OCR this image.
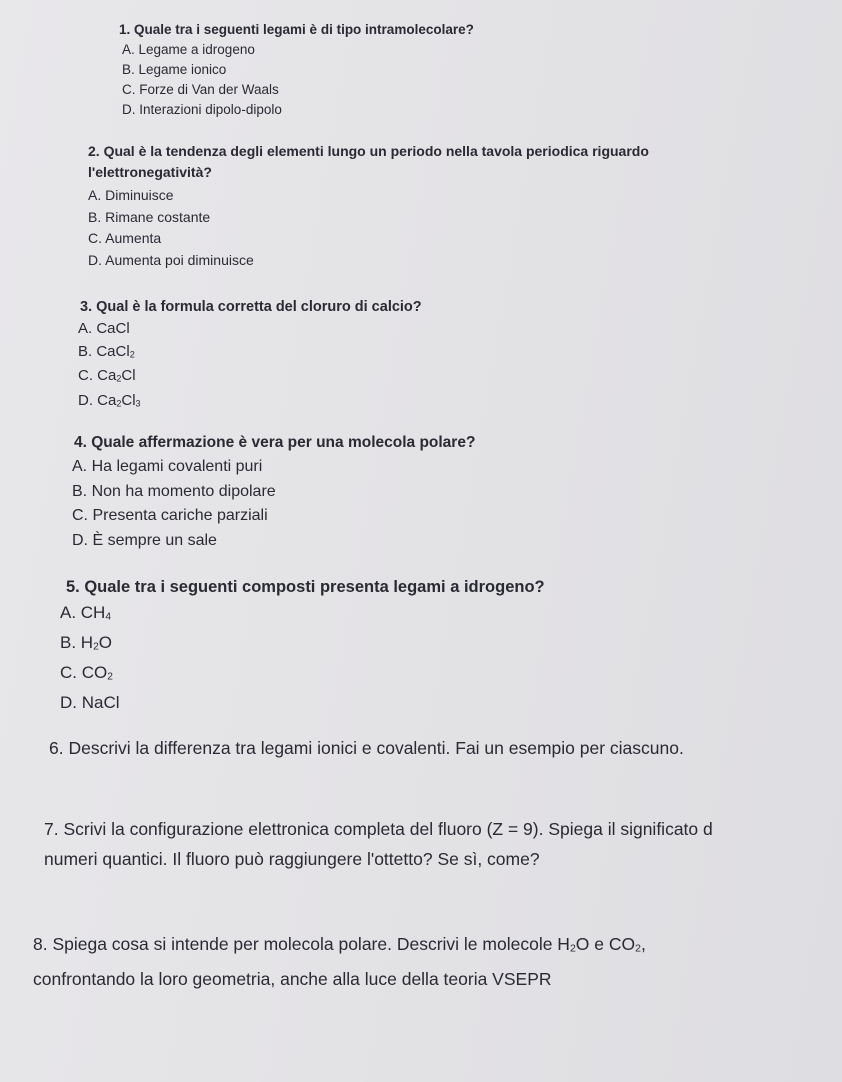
1. Quale tra i seguenti legami è di tipo intramolecolare?

A. Legame a idrogeno

B. Legame ionico

C. Forze di Van der Waals

D. Interazioni dipolo-dipolo

2. Qual è la tendenza degli elementi lungo un periodo nella tavola periodica riguardo

l'elettronegatività?

A. Diminuisce

B. Rimane costante

C. Aumenta

D. Aumenta poi diminuisce

3. Qual è la formula corretta del cloruro di calcio?

A. CaCl

B. CaCl$_2$

C. $Ca_2Cl$

D. $Ca_2Cl_3$

4. Quale affermazione è vera per una molecola polare?

A. Ha legami covalenti puri

B. Non ha momento dipolare

C. Presenta cariche parziali

D. È sempre un sale

5. Quale tra i seguenti composti presenta legami a idrogeno?

A. $CH_4$

B. $H_2O$

C. $CO_2$

D. NaCl

6. Descrivi la differenza tra legami ionici e covalenti. Fai un esempio per ciascuno.
7. Scrivi la configurazione elettronica completa del fluoro (Z = 9). Spiega il significato d
numeri quantici. Il fluoro può raggiungere l'ottetto? Se sì, come?
8. Spiega cosa si intende per molecola polare. Descrivi le molecole $H_2O$ e $CO_2$,
confrontando la loro geometria, anche alla luce della teoria VSEPR
